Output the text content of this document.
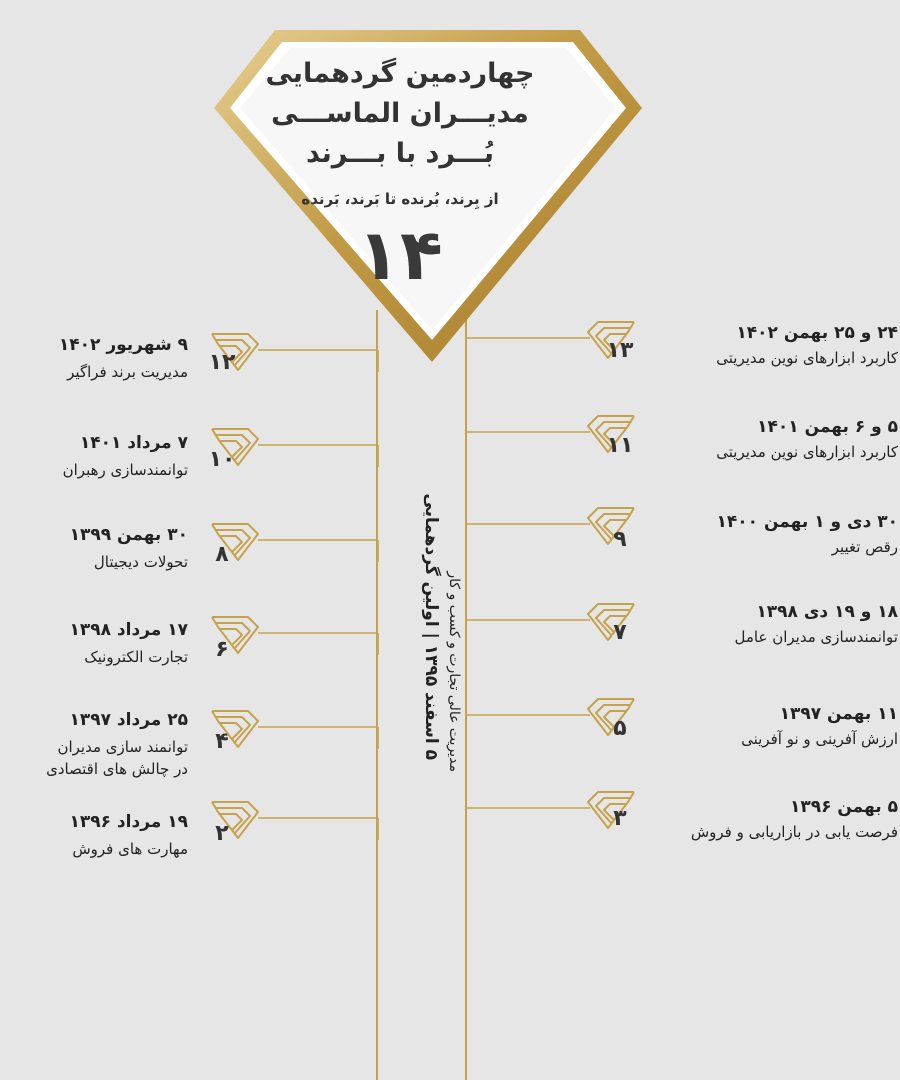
چهاردمین گردهمایی
مدیـــران الماســـی
بُـــرد با بـــرند
از بِرند، بُرنده تا بَرند، بَرنده
۱۴
۹ شهریور ۱۴۰۲
مدیریت برند فراگیر
۷ مرداد ۱۴۰۱
توانمندسازی رهبران
۳۰ بهمن ۱۳۹۹
تحولات دیجیتال
۱۷ مرداد ۱۳۹۸
تجارت الکترونیک
۲۵ مرداد ۱۳۹۷
توانمند سازی مدیران
در چالش های اقتصادی
۱۹ مرداد ۱۳۹۶
مهارت های فروش
۲۴ و ۲۵ بهمن ۱۴۰۲
کاربرد ابزارهای نوین مدیریتی
۵ و ۶ بهمن ۱۴۰۱
کاربرد ابزارهای نوین مدیریتی
۳۰ دی و ۱ بهمن ۱۴۰۰
رقص تغییر
۱۸ و ۱۹ دی ۱۳۹۸
توانمندسازی مدیران عامل
۱۱ بهمن ۱۳۹۷
ارزش آفرینی و نو آفرینی
۵ بهمن ۱۳۹۶
فرصت یابی در بازاریابی و فروش
۱۲
۱۰
۸
۶
۴
۲
۱۳
۱۱
۹
۷
۵
۳
۵ اسفند ۱۳۹۵ | اولین گردهمایی مدیریت عالی تجارت و کسب و کار
